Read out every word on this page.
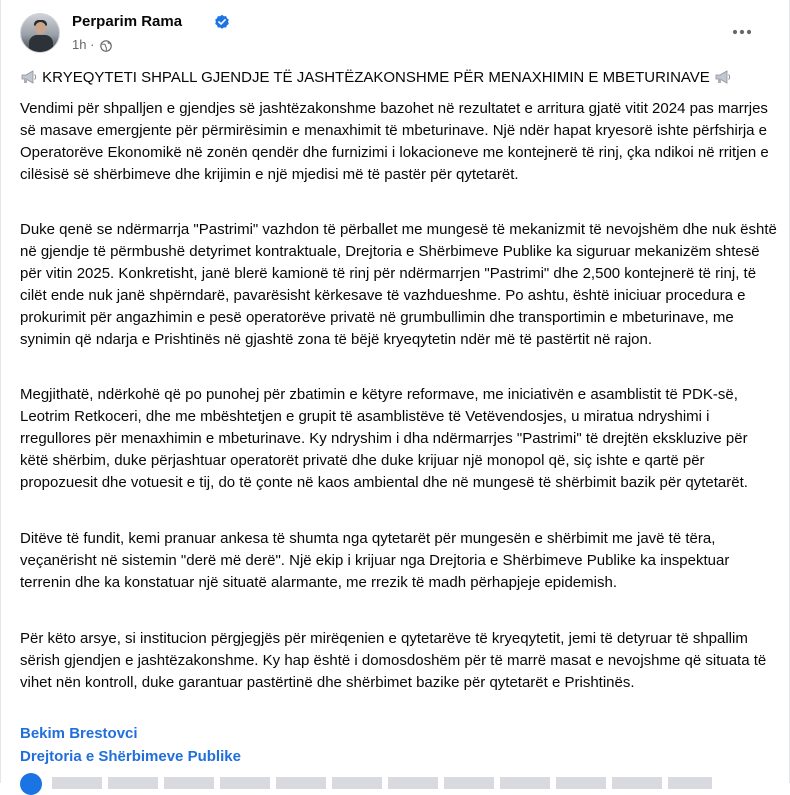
Perparim Rama
1h ·
KRYEQYTETI SHPALL GJENDJE TË JASHTËZAKONSHME PËR MENAXHIMIN E MBETURINAVE
Vendimi për shpalljen e gjendjes së jashtëzakonshme bazohet në rezultatet e arritura gjatë vitit 2024 pas marrjes së masave emergjente për përmirësimin e menaxhimit të mbeturinave. Një ndër hapat kryesorë ishte përfshirja e Operatorëve Ekonomikë në zonën qendër dhe furnizimi i lokacioneve me kontejnerë të rinj, çka ndikoi në rritjen e cilësisë së shërbimeve dhe krijimin e një mjedisi më të pastër për qytetarët.
Duke qenë se ndërmarrja "Pastrimi" vazhdon të përballet me mungesë të mekanizmit të nevojshëm dhe nuk është në gjendje të përmbushë detyrimet kontraktuale, Drejtoria e Shërbimeve Publike ka siguruar mekanizëm shtesë për vitin 2025. Konkretisht, janë blerë kamionë të rinj për ndërmarrjen "Pastrimi" dhe 2,500 kontejnerë të rinj, të cilët ende nuk janë shpërndarë, pavarësisht kërkesave të vazhdueshme. Po ashtu, është iniciuar procedura e prokurimit për angazhimin e pesë operatorëve privatë në grumbullimin dhe transportimin e mbeturinave, me synimin që ndarja e Prishtinës në gjashtë zona të bëjë kryeqytetin ndër më të pastërtit në rajon.
Megjithatë, ndërkohë që po punohej për zbatimin e këtyre reformave, me iniciativën e asamblistit të PDK-së, Leotrim Retkoceri, dhe me mbështetjen e grupit të asamblistëve të Vetëvendosjes, u miratua ndryshimi i rregullores për menaxhimin e mbeturinave. Ky ndryshim i dha ndërmarrjes "Pastrimi" të drejtën ekskluzive për këtë shërbim, duke përjashtuar operatorët privatë dhe duke krijuar një monopol që, siç ishte e qartë për propozuesit dhe votuesit e tij, do të çonte në kaos ambiental dhe në mungesë të shërbimit bazik për qytetarët.
Ditëve të fundit, kemi pranuar ankesa të shumta nga qytetarët për mungesën e shërbimit me javë të tëra, veçanërisht në sistemin "derë më derë". Një ekip i krijuar nga Drejtoria e Shërbimeve Publike ka inspektuar terrenin dhe ka konstatuar një situatë alarmante, me rrezik të madh përhapjeje epidemish.
Për këto arsye, si institucion përgjegjës për mirëqenien e qytetarëve të kryeqytetit, jemi të detyruar të shpallim sërish gjendjen e jashtëzakonshme. Ky hap është i domosdoshëm për të marrë masat e nevojshme që situata të vihet nën kontroll, duke garantuar pastërtinë dhe shërbimet bazike për qytetarët e Prishtinës.
Bekim Brestovci
Drejtoria e Shërbimeve Publike
